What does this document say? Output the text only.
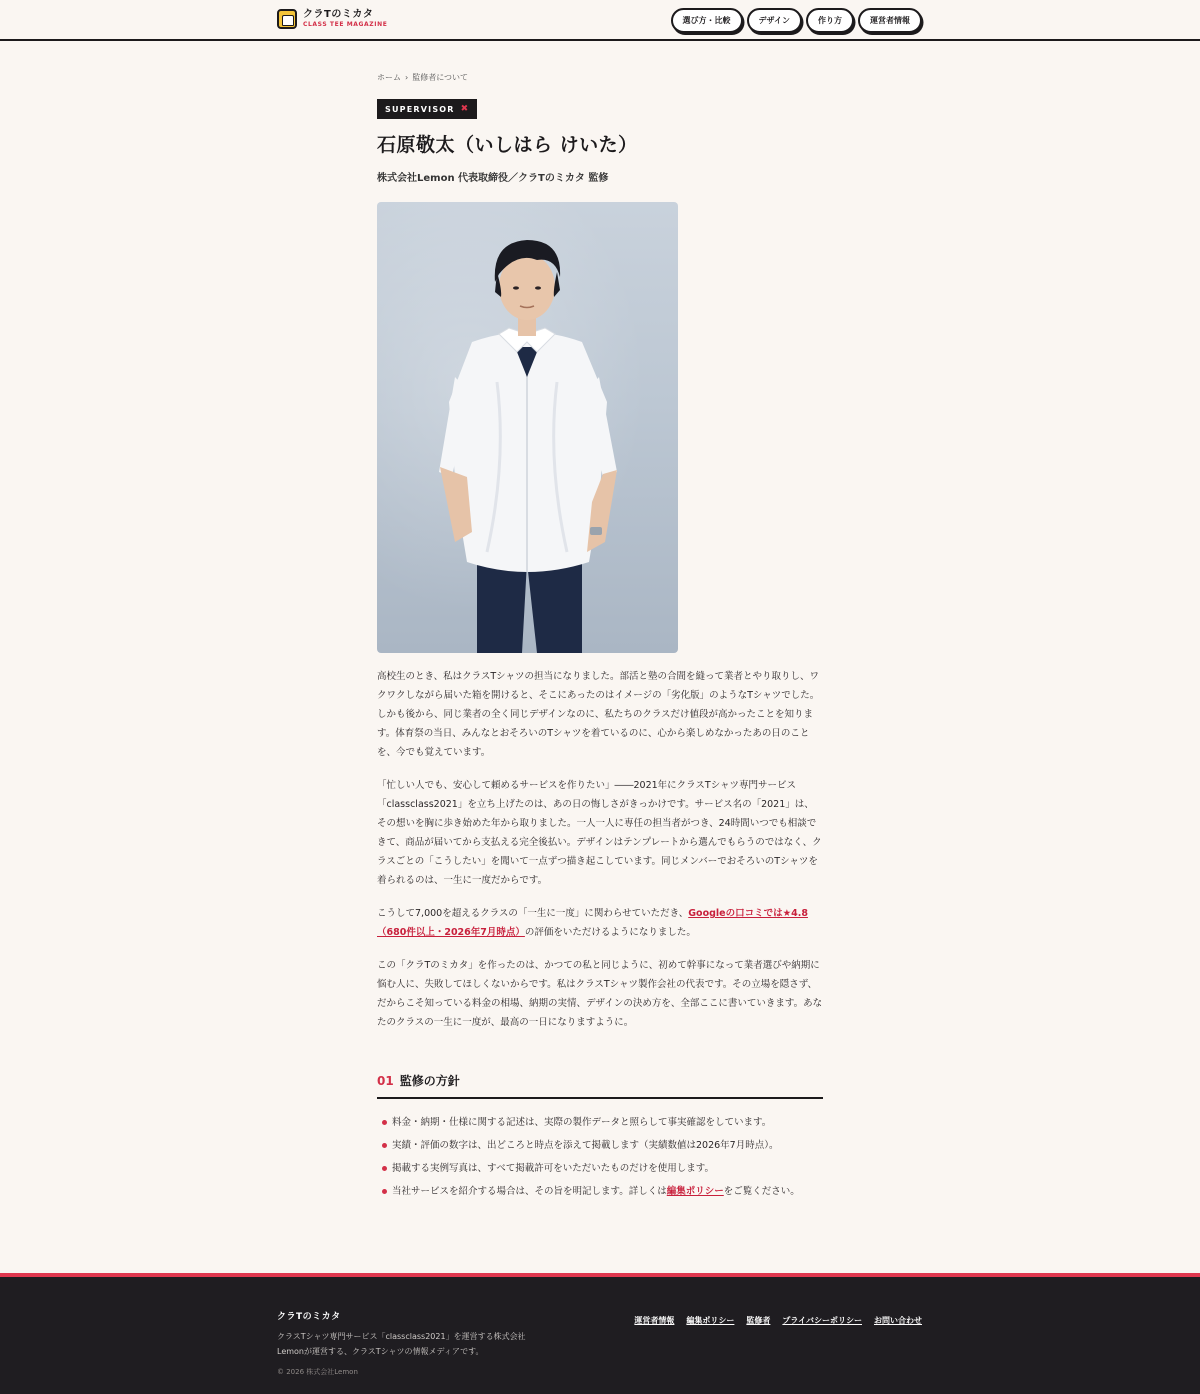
クラTのミカタ
CLASS TEE MAGAZINE	選び方・比較	デザイン	作り方	運営者情報
ホーム › 監修者について
SUPERVISOR ✖
石原敬太（いしはら けいた）

株式会社Lemon 代表取締役／クラTのミカタ 監修

高校生のとき、私はクラスTシャツの担当になりました。部活と塾の合間を縫って業者とやり取りし、ワクワクしながら届いた箱を開けると、そこにあったのはイメージの「劣化版」のようなTシャツでした。しかも後から、同じ業者の全く同じデザインなのに、私たちのクラスだけ値段が高かったことを知ります。体育祭の当日、みんなとおそろいのTシャツを着ているのに、心から楽しめなかったあの日のことを、今でも覚えています。

「忙しい人でも、安心して頼めるサービスを作りたい」――2021年にクラスTシャツ専門サービス「classclass2021」を立ち上げたのは、あの日の悔しさがきっかけです。サービス名の「2021」は、その想いを胸に歩き始めた年から取りました。一人一人に専任の担当者がつき、24時間いつでも相談できて、商品が届いてから支払える完全後払い。デザインはテンプレートから選んでもらうのではなく、クラスごとの「こうしたい」を聞いて一点ずつ描き起こしています。同じメンバーでおそろいのTシャツを着られるのは、一生に一度だからです。

こうして7,000を超えるクラスの「一生に一度」に関わらせていただき、Googleの口コミでは★4.8（680件以上・2026年7月時点）の評価をいただけるようになりました。

この「クラTのミカタ」を作ったのは、かつての私と同じように、初めて幹事になって業者選びや納期に悩む人に、失敗してほしくないからです。私はクラスTシャツ製作会社の代表です。その立場を隠さず、だからこそ知っている料金の相場、納期の実情、デザインの決め方を、全部ここに書いていきます。あなたのクラスの一生に一度が、最高の一日になりますように。

01 監修の方針
料金・納期・仕様に関する記述は、実際の製作データと照らして事実確認をしています。
実績・評価の数字は、出どころと時点を添えて掲載します（実績数値は2026年7月時点）。
掲載する実例写真は、すべて掲載許可をいただいたものだけを使用します。
当社サービスを紹介する場合は、その旨を明記します。詳しくは編集ポリシーをご覧ください。
クラTのミカタ

クラスTシャツ専門サービス「classclass2021」を運営する株式会社Lemonが運営する、クラスTシャツの情報メディアです。

© 2026 株式会社Lemon
運営者情報 編集ポリシー 監修者 プライバシーポリシー お問い合わせ
